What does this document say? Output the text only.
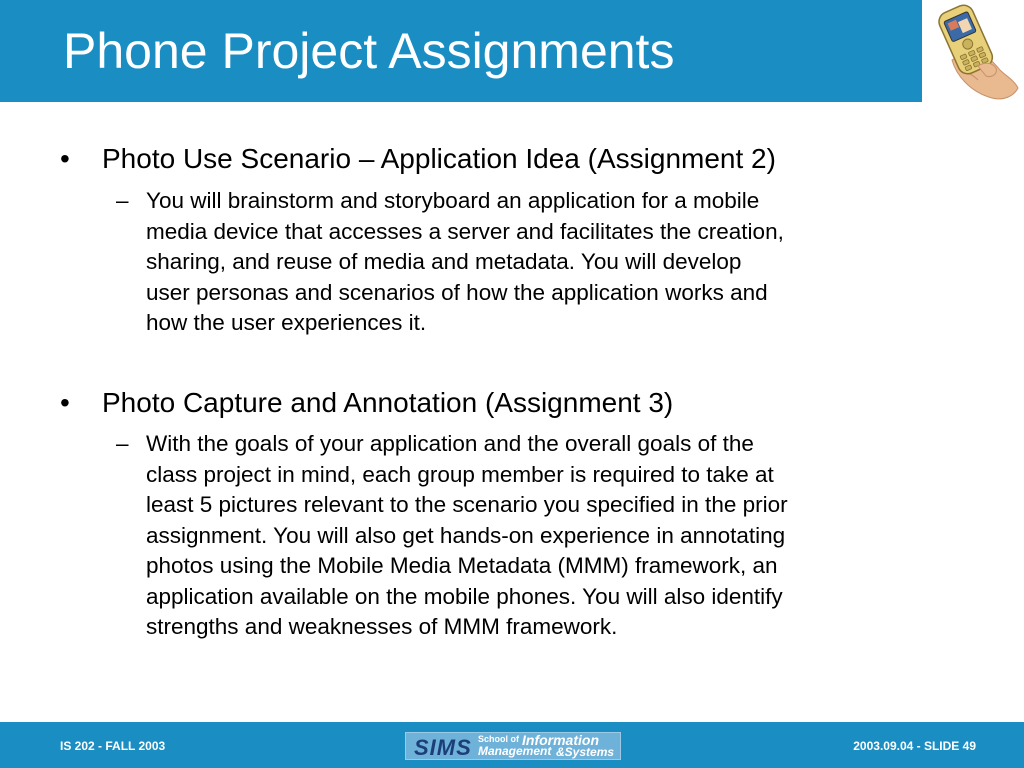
Phone Project Assignments
• Photo Use Scenario – Application Idea (Assignment 2)
– You will brainstorm and storyboard an application for a mobile
media device that accesses a server and facilitates the creation,
sharing, and reuse of media and metadata. You will develop
user personas and scenarios of how the application works and
how the user experiences it.
• Photo Capture and Annotation (Assignment 3)
– With the goals of your application and the overall goals of the
class project in mind, each group member is required to take at
least 5 pictures relevant to the scenario you specified in the prior
assignment. You will also get hands-on experience in annotating
photos using the Mobile Media Metadata (MMM) framework, an
application available on the mobile phones. You will also identify
strengths and weaknesses of MMM framework.
IS 202 - FALL 2003	SIMS School of Information
Management &Systems	2003.09.04 - SLIDE 49
